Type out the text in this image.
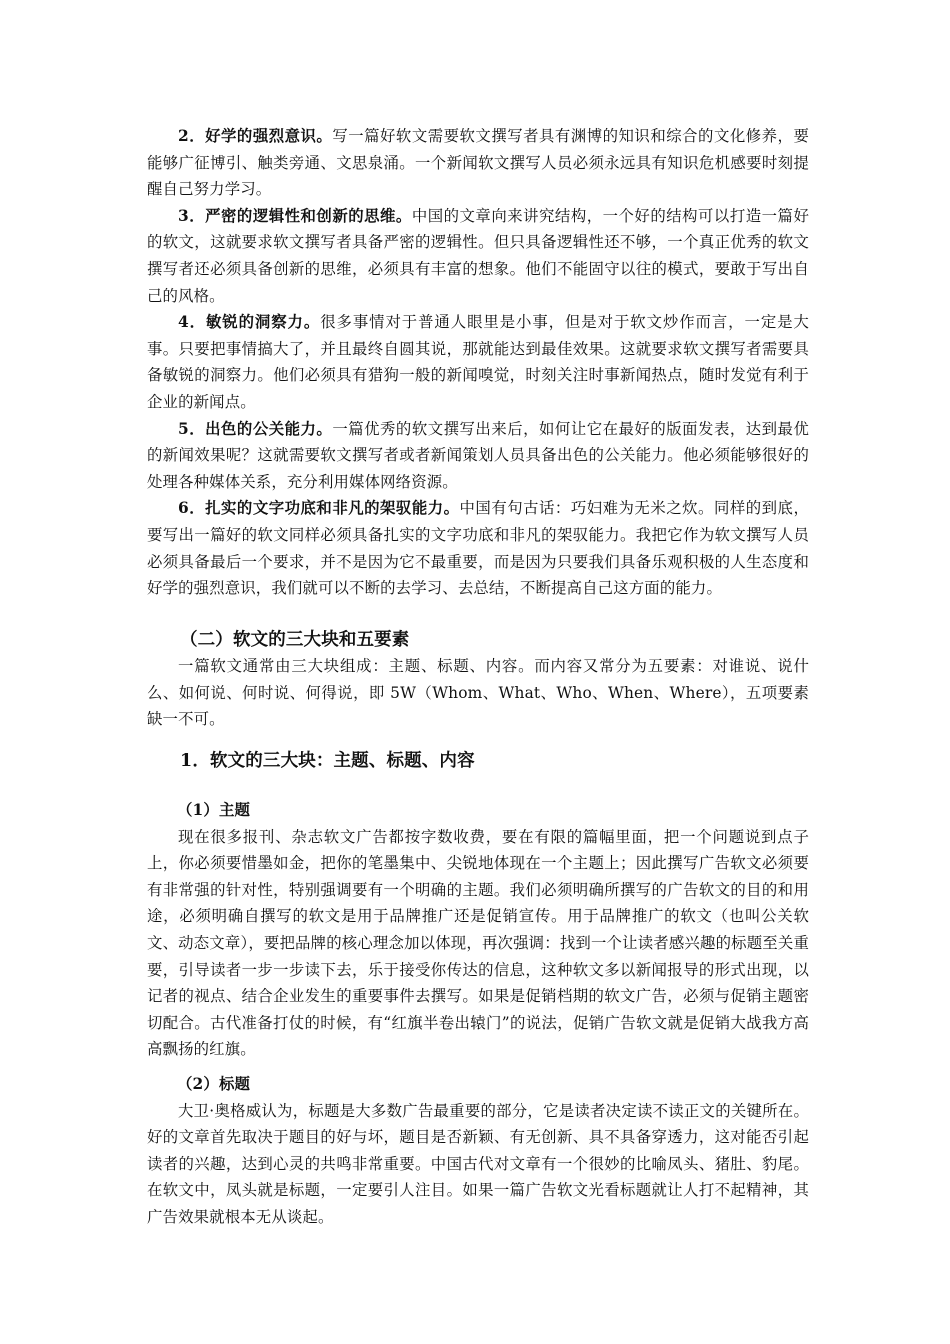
2．好学的强烈意识。写一篇好软文需要软文撰写者具有渊博的知识和综合的文化修养，要能够广征博引、触类旁通、文思泉涌。一个新闻软文撰写人员必须永远具有知识危机感要时刻提醒自己努力学习。

3．严密的逻辑性和创新的思维。中国的文章向来讲究结构，一个好的结构可以打造一篇好的软文，这就要求软文撰写者具备严密的逻辑性。但只具备逻辑性还不够，一个真正优秀的软文撰写者还必须具备创新的思维，必须具有丰富的想象。他们不能固守以往的模式，要敢于写出自己的风格。

4．敏锐的洞察力。很多事情对于普通人眼里是小事，但是对于软文炒作而言，一定是大事。只要把事情搞大了，并且最终自圆其说，那就能达到最佳效果。这就要求软文撰写者需要具备敏锐的洞察力。他们必须具有猎狗一般的新闻嗅觉，时刻关注时事新闻热点，随时发觉有利于企业的新闻点。

5．出色的公关能力。一篇优秀的软文撰写出来后，如何让它在最好的版面发表，达到最优的新闻效果呢？这就需要软文撰写者或者新闻策划人员具备出色的公关能力。他必须能够很好的处理各种媒体关系，充分利用媒体网络资源。

6．扎实的文字功底和非凡的架驭能力。中国有句古话：巧妇难为无米之炊。同样的到底，要写出一篇好的软文同样必须具备扎实的文字功底和非凡的架驭能力。我把它作为软文撰写人员必须具备最后一个要求，并不是因为它不最重要，而是因为只要我们具备乐观积极的人生态度和好学的强烈意识，我们就可以不断的去学习、去总结，不断提高自己这方面的能力。

（二）软文的三大块和五要素

一篇软文通常由三大块组成：主题、标题、内容。而内容又常分为五要素：对谁说、说什么、如何说、何时说、何得说，即 5W（Whom、What、Who、When、Where），五项要素缺一不可。

1．软文的三大块：主题、标题、内容
（1）主题

现在很多报刊、杂志软文广告都按字数收费，要在有限的篇幅里面，把一个问题说到点子上，你必须要惜墨如金，把你的笔墨集中、尖锐地体现在一个主题上；因此撰写广告软文必须要有非常强的针对性，特别强调要有一个明确的主题。我们必须明确所撰写的广告软文的目的和用途，必须明确自撰写的软文是用于品牌推广还是促销宣传。用于品牌推广的软文（也叫公关软文、动态文章），要把品牌的核心理念加以体现，再次强调：找到一个让读者感兴趣的标题至关重要，引导读者一步一步读下去，乐于接受你传达的信息，这种软文多以新闻报导的形式出现，以记者的视点、结合企业发生的重要事件去撰写。如果是促销档期的软文广告，必须与促销主题密切配合。古代准备打仗的时候，有“红旗半卷出辕门”的说法，促销广告软文就是促销大战我方高高飘扬的红旗。

（2）标题

大卫·奥格威认为，标题是大多数广告最重要的部分，它是读者决定读不读正文的关键所在。好的文章首先取决于题目的好与坏，题目是否新颖、有无创新、具不具备穿透力，这对能否引起读者的兴趣，达到心灵的共鸣非常重要。中国古代对文章有一个很妙的比喻凤头、猪肚、豹尾。在软文中，凤头就是标题，一定要引人注目。如果一篇广告软文光看标题就让人打不起精神，其广告效果就根本无从谈起。
